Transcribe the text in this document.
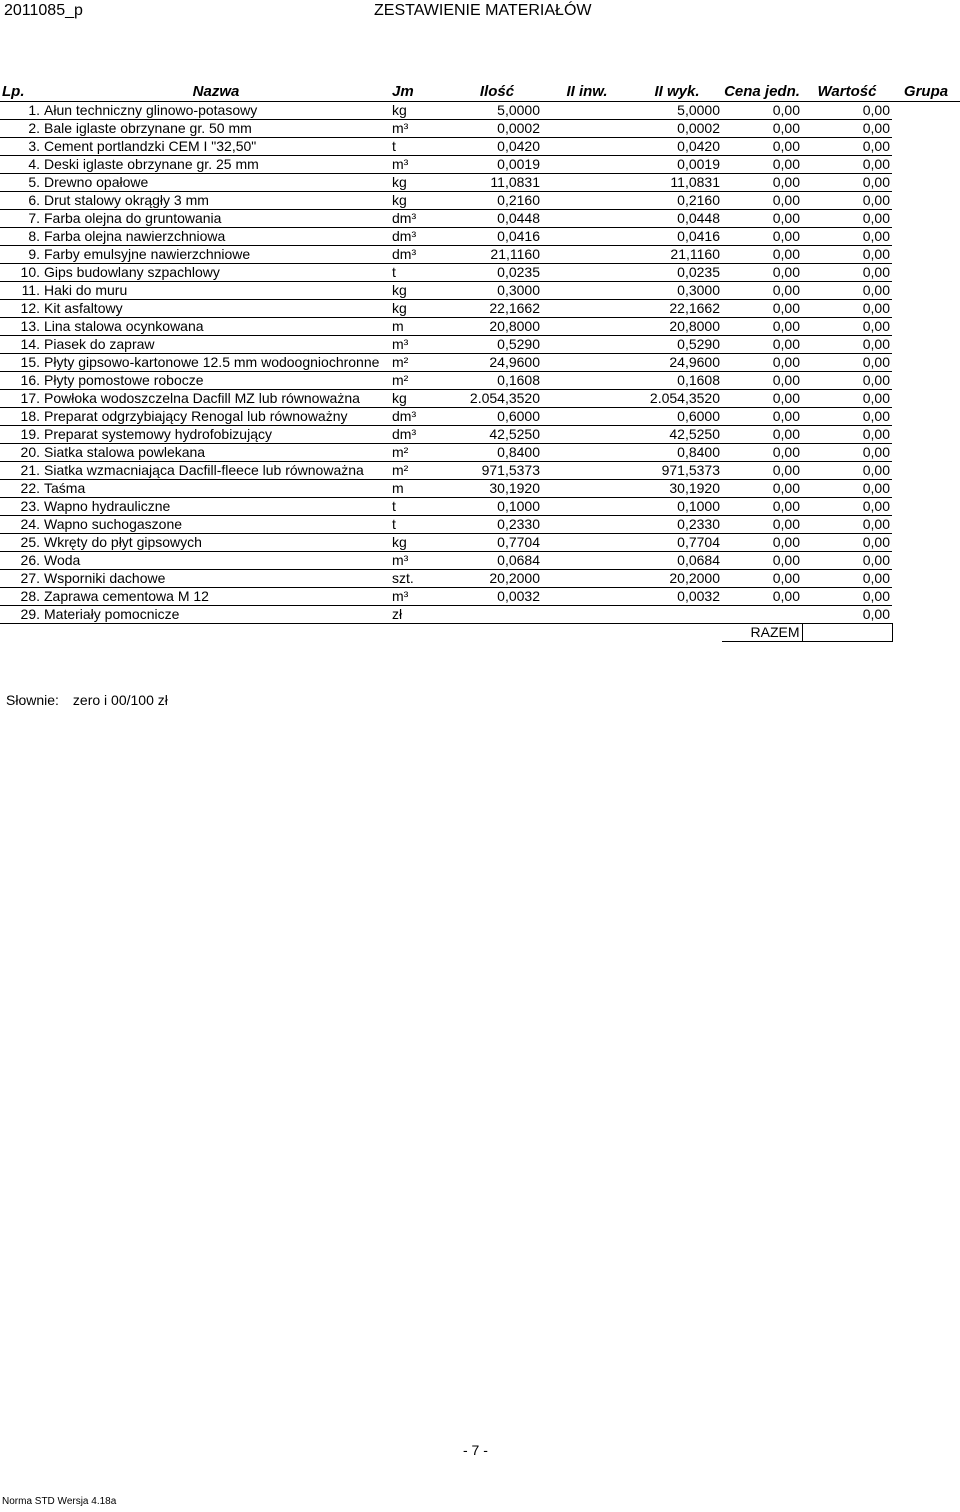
2011085_p	ZESTAWIENIE MATERIAŁÓW
Lp.	Nazwa	Jm	Ilość	II inw.	II wyk.	Cena jedn.	Wartość	Grupa
1.	Ałun techniczny glinowo-potasowy	kg	5,0000		5,0000	0,00	0,00	
2.	Bale iglaste obrzynane gr. 50 mm	m³	0,0002		0,0002	0,00	0,00	
3.	Cement portlandzki CEM I "32,50"	t	0,0420		0,0420	0,00	0,00	
4.	Deski iglaste obrzynane gr. 25 mm	m³	0,0019		0,0019	0,00	0,00	
5.	Drewno opałowe	kg	11,0831		11,0831	0,00	0,00	
6.	Drut stalowy okrągły 3 mm	kg	0,2160		0,2160	0,00	0,00	
7.	Farba olejna do gruntowania	dm³	0,0448		0,0448	0,00	0,00	
8.	Farba olejna nawierzchniowa	dm³	0,0416		0,0416	0,00	0,00	
9.	Farby emulsyjne nawierzchniowe	dm³	21,1160		21,1160	0,00	0,00	
10.	Gips budowlany szpachlowy	t	0,0235		0,0235	0,00	0,00	
11.	Haki do muru	kg	0,3000		0,3000	0,00	0,00	
12.	Kit asfaltowy	kg	22,1662		22,1662	0,00	0,00	
13.	Lina stalowa ocynkowana	m	20,8000		20,8000	0,00	0,00	
14.	Piasek do zapraw	m³	0,5290		0,5290	0,00	0,00	
15.	Płyty gipsowo-kartonowe 12.5 mm wodoogniochronne	m²	24,9600		24,9600	0,00	0,00	
16.	Płyty pomostowe robocze	m²	0,1608		0,1608	0,00	0,00	
17.	Powłoka wodoszczelna Dacfill MZ lub równoważna	kg	2.054,3520		2.054,3520	0,00	0,00	
18.	Preparat odgrzybiający Renogal lub równoważny	dm³	0,6000		0,6000	0,00	0,00	
19.	Preparat systemowy hydrofobizujący	dm³	42,5250		42,5250	0,00	0,00	
20.	Siatka stalowa powlekana	m²	0,8400		0,8400	0,00	0,00	
21.	Siatka wzmacniająca Dacfill-fleece lub równoważna	m²	971,5373		971,5373	0,00	0,00	
22.	Taśma	m	30,1920		30,1920	0,00	0,00	
23.	Wapno hydrauliczne	t	0,1000		0,1000	0,00	0,00	
24.	Wapno suchogaszone	t	0,2330		0,2330	0,00	0,00	
25.	Wkręty do płyt gipsowych	kg	0,7704		0,7704	0,00	0,00	
26.	Woda	m³	0,0684		0,0684	0,00	0,00	
27.	Wsporniki dachowe	szt.	20,2000		20,2000	0,00	0,00	
28.	Zaprawa cementowa M 12	m³	0,0032		0,0032	0,00	0,00	
29.	Materiały pomocnicze	zł					0,00	
						RAZEM		
Słownie: zero i 00/100 zł
- 7 -
Norma STD Wersja 4.18a
